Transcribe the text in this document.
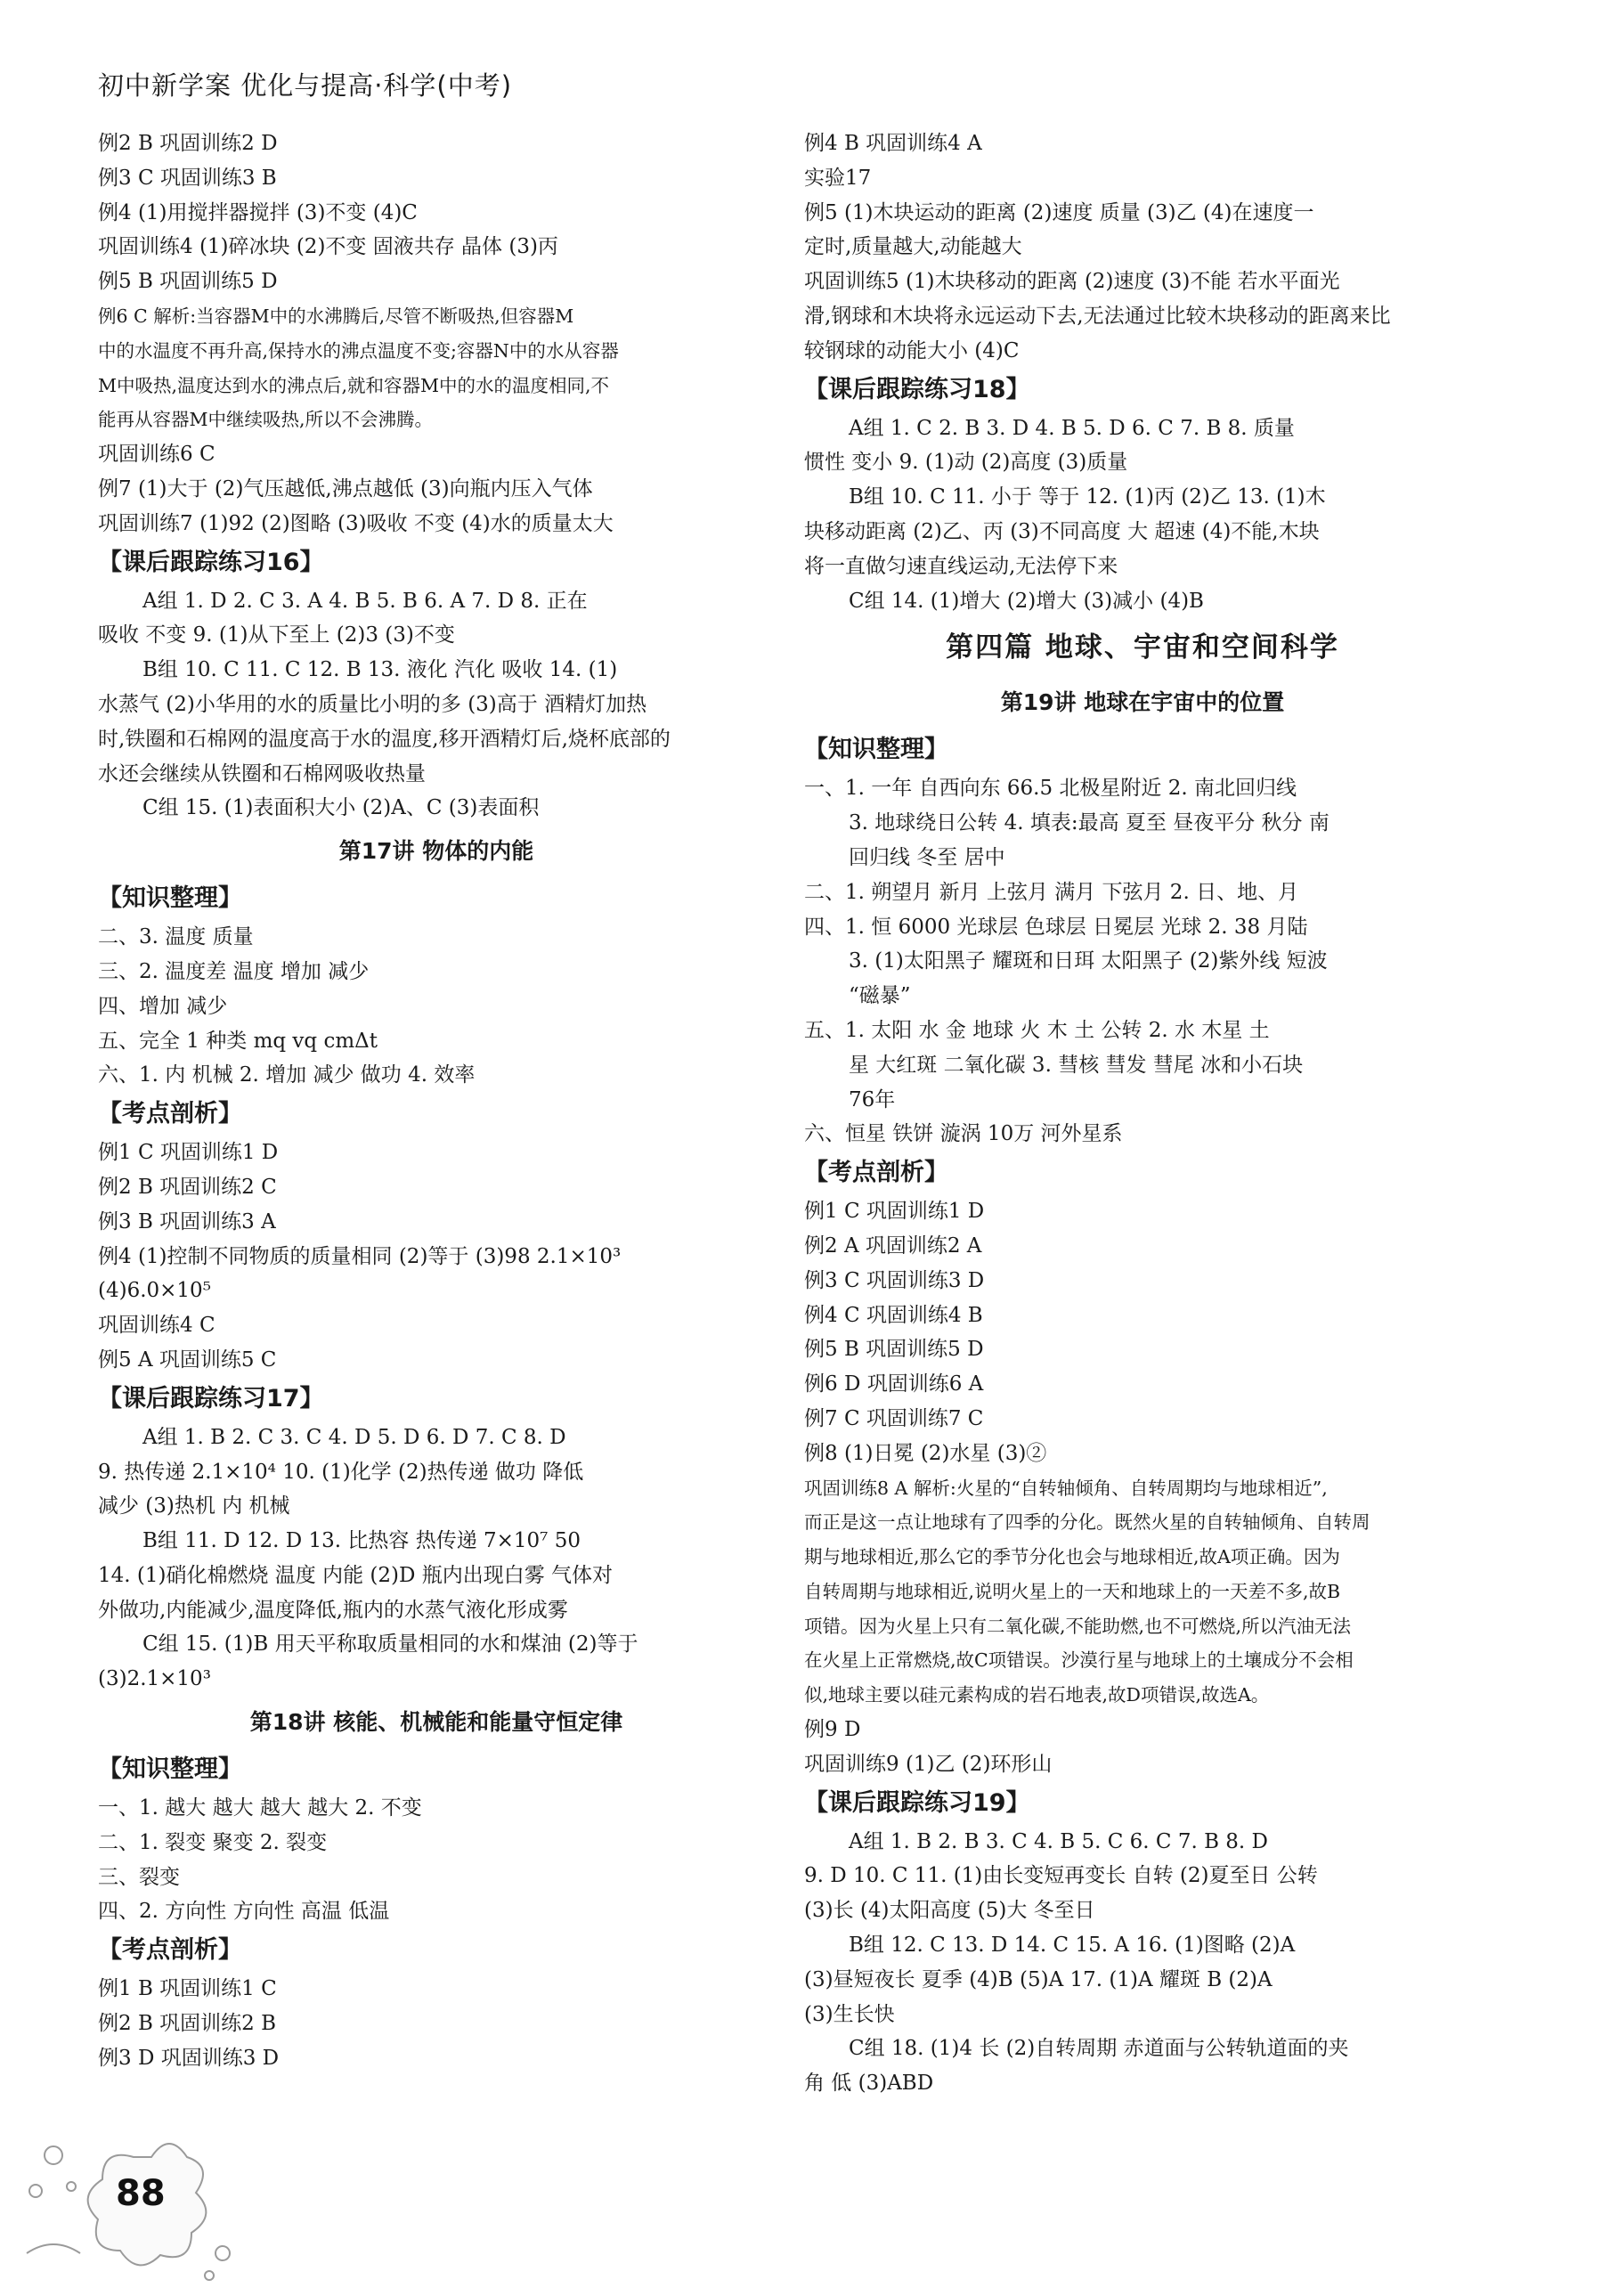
初中新学案 优化与提高·科学(中考)
例2 B 巩固训练2 D
例3 C 巩固训练3 B
例4 (1)用搅拌器搅拌 (3)不变 (4)C
巩固训练4 (1)碎冰块 (2)不变 固液共存 晶体 (3)丙
例5 B 巩固训练5 D
例6 C 解析:当容器M中的水沸腾后,尽管不断吸热,但容器M
中的水温度不再升高,保持水的沸点温度不变;容器N中的水从容器
M中吸热,温度达到水的沸点后,就和容器M中的水的温度相同,不
能再从容器M中继续吸热,所以不会沸腾。
巩固训练6 C
例7 (1)大于 (2)气压越低,沸点越低 (3)向瓶内压入气体
巩固训练7 (1)92 (2)图略 (3)吸收 不变 (4)水的质量太大
【课后跟踪练习16】
A组 1. D 2. C 3. A 4. B 5. B 6. A 7. D 8. 正在
吸收 不变 9. (1)从下至上 (2)3 (3)不变
B组 10. C 11. C 12. B 13. 液化 汽化 吸收 14. (1)
水蒸气 (2)小华用的水的质量比小明的多 (3)高于 酒精灯加热
时,铁圈和石棉网的温度高于水的温度,移开酒精灯后,烧杯底部的
水还会继续从铁圈和石棉网吸收热量
C组 15. (1)表面积大小 (2)A、C (3)表面积
第17讲 物体的内能
【知识整理】
二、3. 温度 质量
三、2. 温度差 温度 增加 减少
四、增加 减少
五、完全 1 种类 mq vq cmΔt
六、1. 内 机械 2. 增加 减少 做功 4. 效率
【考点剖析】
例1 C 巩固训练1 D
例2 B 巩固训练2 C
例3 B 巩固训练3 A
例4 (1)控制不同物质的质量相同 (2)等于 (3)98 2.1×10³
(4)6.0×10⁵
巩固训练4 C
例5 A 巩固训练5 C
【课后跟踪练习17】
A组 1. B 2. C 3. C 4. D 5. D 6. D 7. C 8. D
9. 热传递 2.1×10⁴ 10. (1)化学 (2)热传递 做功 降低
减少 (3)热机 内 机械
B组 11. D 12. D 13. 比热容 热传递 7×10⁷ 50
14. (1)硝化棉燃烧 温度 内能 (2)D 瓶内出现白雾 气体对
外做功,内能减少,温度降低,瓶内的水蒸气液化形成雾
C组 15. (1)B 用天平称取质量相同的水和煤油 (2)等于
(3)2.1×10³
第18讲 核能、机械能和能量守恒定律
【知识整理】
一、1. 越大 越大 越大 越大 2. 不变
二、1. 裂变 聚变 2. 裂变
三、裂变
四、2. 方向性 方向性 高温 低温
【考点剖析】
例1 B 巩固训练1 C
例2 B 巩固训练2 B
例3 D 巩固训练3 D
例4 B 巩固训练4 A
实验17
例5 (1)木块运动的距离 (2)速度 质量 (3)乙 (4)在速度一
定时,质量越大,动能越大
巩固训练5 (1)木块移动的距离 (2)速度 (3)不能 若水平面光
滑,钢球和木块将永远运动下去,无法通过比较木块移动的距离来比
较钢球的动能大小 (4)C
【课后跟踪练习18】
A组 1. C 2. B 3. D 4. B 5. D 6. C 7. B 8. 质量
惯性 变小 9. (1)动 (2)高度 (3)质量
B组 10. C 11. 小于 等于 12. (1)丙 (2)乙 13. (1)木
块移动距离 (2)乙、丙 (3)不同高度 大 超速 (4)不能,木块
将一直做匀速直线运动,无法停下来
C组 14. (1)增大 (2)增大 (3)减小 (4)B
第四篇 地球、宇宙和空间科学
第19讲 地球在宇宙中的位置
【知识整理】
一、1. 一年 自西向东 66.5 北极星附近 2. 南北回归线
3. 地球绕日公转 4. 填表:最高 夏至 昼夜平分 秋分 南
回归线 冬至 居中
二、1. 朔望月 新月 上弦月 满月 下弦月 2. 日、地、月
四、1. 恒 6000 光球层 色球层 日冕层 光球 2. 38 月陆
3. (1)太阳黑子 耀斑和日珥 太阳黑子 (2)紫外线 短波
“磁暴”
五、1. 太阳 水 金 地球 火 木 土 公转 2. 水 木星 土
星 大红斑 二氧化碳 3. 彗核 彗发 彗尾 冰和小石块
76年
六、恒星 铁饼 漩涡 10万 河外星系
【考点剖析】
例1 C 巩固训练1 D
例2 A 巩固训练2 A
例3 C 巩固训练3 D
例4 C 巩固训练4 B
例5 B 巩固训练5 D
例6 D 巩固训练6 A
例7 C 巩固训练7 C
例8 (1)日冕 (2)水星 (3)②
巩固训练8 A 解析:火星的“自转轴倾角、自转周期均与地球相近”,
而正是这一点让地球有了四季的分化。既然火星的自转轴倾角、自转周
期与地球相近,那么它的季节分化也会与地球相近,故A项正确。因为
自转周期与地球相近,说明火星上的一天和地球上的一天差不多,故B
项错。因为火星上只有二氧化碳,不能助燃,也不可燃烧,所以汽油无法
在火星上正常燃烧,故C项错误。沙漠行星与地球上的土壤成分不会相
似,地球主要以硅元素构成的岩石地表,故D项错误,故选A。
例9 D
巩固训练9 (1)乙 (2)环形山
【课后跟踪练习19】
A组 1. B 2. B 3. C 4. B 5. C 6. C 7. B 8. D
9. D 10. C 11. (1)由长变短再变长 自转 (2)夏至日 公转
(3)长 (4)太阳高度 (5)大 冬至日
B组 12. C 13. D 14. C 15. A 16. (1)图略 (2)A
(3)昼短夜长 夏季 (4)B (5)A 17. (1)A 耀斑 B (2)A
(3)生长快
C组 18. (1)4 长 (2)自转周期 赤道面与公转轨道面的夹
角 低 (3)ABD
88
